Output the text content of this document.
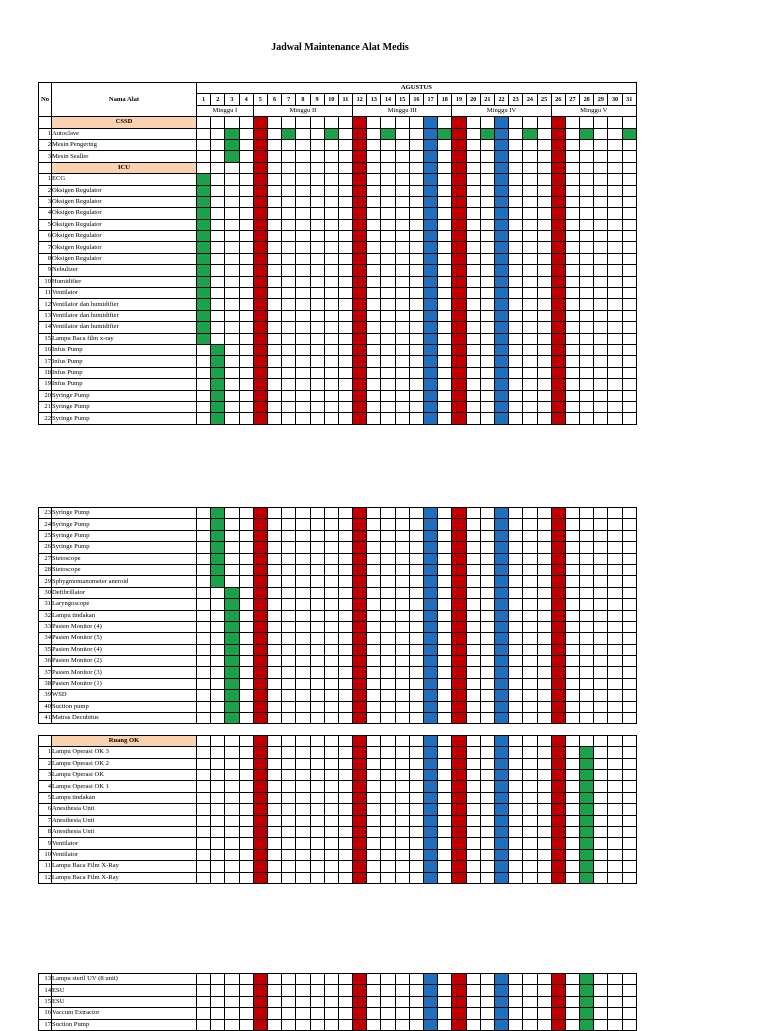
Jadwal Maintenance Alat Medis
No	Nama Alat	AGUSTUS																														
		1	2	3	4	5	6	7	8	9	10	11	12	13	14	15	16	17	18	19	20	21	22	23	24	25	26	27	28	29	30	31
		Minggu I				Minggu II							Minggu III							Minggu IV							Minggu V					
	CSSD																															
1	Autoclave																															
2	Mesin Pengering																															
3	Mesin Sealler																															
	ICU																															
1	ECG																															
2	Oksigen Regulator																															
3	Oksigen Regulator																															
4	Oksigen Regulator																															
5	Oksigen Regulator																															
6	Oksigen Regulator																															
7	Oksigen Regulator																															
8	Oksigen Regulator																															
9	Nebulizer																															
10	Humidifier																															
11	Ventilator																															
12	Ventilator dan humidifier																															
13	Ventilator dan humidifier																															
14	Ventilator dan humidifier																															
15	Lampu Baca film x-ray																															
16	Infus Pump																															
17	Infus Pump																															
18	Infus Pump																															
19	Infus Pump																															
20	Syringe Pump																															
21	Syringe Pump																															
22	Syringe Pump																															
23	Syringe Pump																															
24	Syringe Pump																															
25	Syringe Pump																															
26	Syringe Pump																															
27	Stetoscope																															
28	Stetoscope																															
29	Sphygmomanometer aneroid																															
30	Defibrillator																															
31	Laryngoscope																															
32	Lampu tindakan																															
33	Pasien Monitor (4)																															
34	Pasien Monitor (5)																															
35	Pasien Monitor (4)																															
36	Pasien Monitor (2)																															
37	Pasien Monitor (3)																															
38	Pasien Monitor (1)																															
39	WSD																															
40	Suction pump																															
41	Matras Decubitus																															

	Ruang OK																															
1	Lampu Operasi OK 3																															
2	Lampu Operasi OK 2																															
3	Lampu Operasi OK																															
4	Lampu Operasi OK 1																															
5	Lampu tindakan																															
6	Anesthesia Unit																															
7	Anesthesia Unit																															
8	Anesthesia Unit																															
9	Ventilator																															
10	Ventilator																															
11	Lampu Baca Film X-Ray																															
12	Lampu Baca Film X-Ray																															
13	Lampu steril UV (8 unit)																															
14	ESU																															
15	ESU																															
16	Vaccum Extractor																															
17	Suction Pump																															
